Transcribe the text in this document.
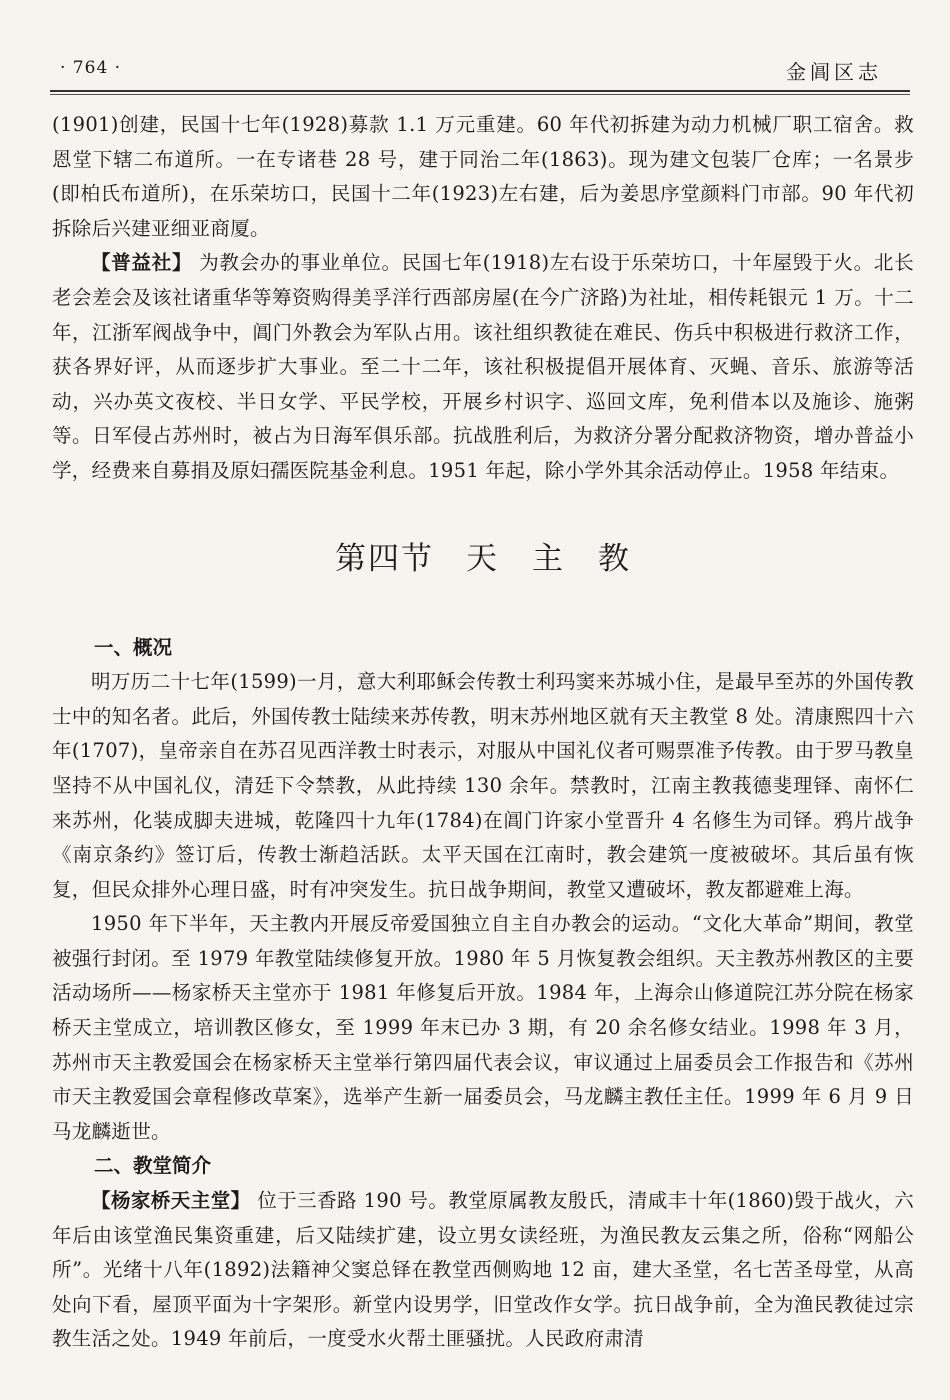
· 764 ·	金阊区志

(1901)创建，民国十七年(1928)募款 1.1 万元重建。60 年代初拆建为动力机械厂职工宿舍。救恩堂下辖二布道所。一在专诸巷 28 号，建于同治二年(1863)。现为建文包装厂仓库；一名景步(即柏氏布道所)，在乐荣坊口，民国十二年(1923)左右建，后为姜思序堂颜料门市部。90 年代初拆除后兴建亚细亚商厦。

【普益社】 为教会办的事业单位。民国七年(1918)左右设于乐荣坊口，十年屋毁于火。北长老会差会及该社诸重华等筹资购得美孚洋行西部房屋(在今广济路)为社址，相传耗银元 1 万。十二年，江浙军阀战争中，阊门外教会为军队占用。该社组织教徒在难民、伤兵中积极进行救济工作，获各界好评，从而逐步扩大事业。至二十二年，该社积极提倡开展体育、灭蝇、音乐、旅游等活动，兴办英文夜校、半日女学、平民学校，开展乡村识字、巡回文库，免利借本以及施诊、施粥等。日军侵占苏州时，被占为日海军俱乐部。抗战胜利后，为救济分署分配救济物资，增办普益小学，经费来自募捐及原妇孺医院基金利息。1951 年起，除小学外其余活动停止。1958 年结束。

第四节 天　主　教
一、概况

明万历二十七年(1599)一月，意大利耶稣会传教士利玛窦来苏城小住，是最早至苏的外国传教士中的知名者。此后，外国传教士陆续来苏传教，明末苏州地区就有天主教堂 8 处。清康熙四十六年(1707)，皇帝亲自在苏召见西洋教士时表示，对服从中国礼仪者可赐票准予传教。由于罗马教皇坚持不从中国礼仪，清廷下令禁教，从此持续 130 余年。禁教时，江南主教莪德斐理铎、南怀仁来苏州，化装成脚夫进城，乾隆四十九年(1784)在阊门许家小堂晋升 4 名修生为司铎。鸦片战争《南京条约》签订后，传教士渐趋活跃。太平天国在江南时，教会建筑一度被破坏。其后虽有恢复，但民众排外心理日盛，时有冲突发生。抗日战争期间，教堂又遭破坏，教友都避难上海。

1950 年下半年，天主教内开展反帝爱国独立自主自办教会的运动。“文化大革命”期间，教堂被强行封闭。至 1979 年教堂陆续修复开放。1980 年 5 月恢复教会组织。天主教苏州教区的主要活动场所——杨家桥天主堂亦于 1981 年修复后开放。1984 年，上海佘山修道院江苏分院在杨家桥天主堂成立，培训教区修女，至 1999 年末已办 3 期，有 20 余名修女结业。1998 年 3 月，苏州市天主教爱国会在杨家桥天主堂举行第四届代表会议，审议通过上届委员会工作报告和《苏州市天主教爱国会章程修改草案》，选举产生新一届委员会，马龙麟主教任主任。1999 年 6 月 9 日马龙麟逝世。

二、教堂简介

【杨家桥天主堂】 位于三香路 190 号。教堂原属教友殷氏，清咸丰十年(1860)毁于战火，六年后由该堂渔民集资重建，后又陆续扩建，设立男女读经班，为渔民教友云集之所，俗称“网船公所”。光绪十八年(1892)法籍神父窦总铎在教堂西侧购地 12 亩，建大圣堂，名七苦圣母堂，从高处向下看，屋顶平面为十字架形。新堂内设男学，旧堂改作女学。抗日战争前，全为渔民教徒过宗教生活之处。1949 年前后，一度受水火帮土匪骚扰。人民政府肃清
